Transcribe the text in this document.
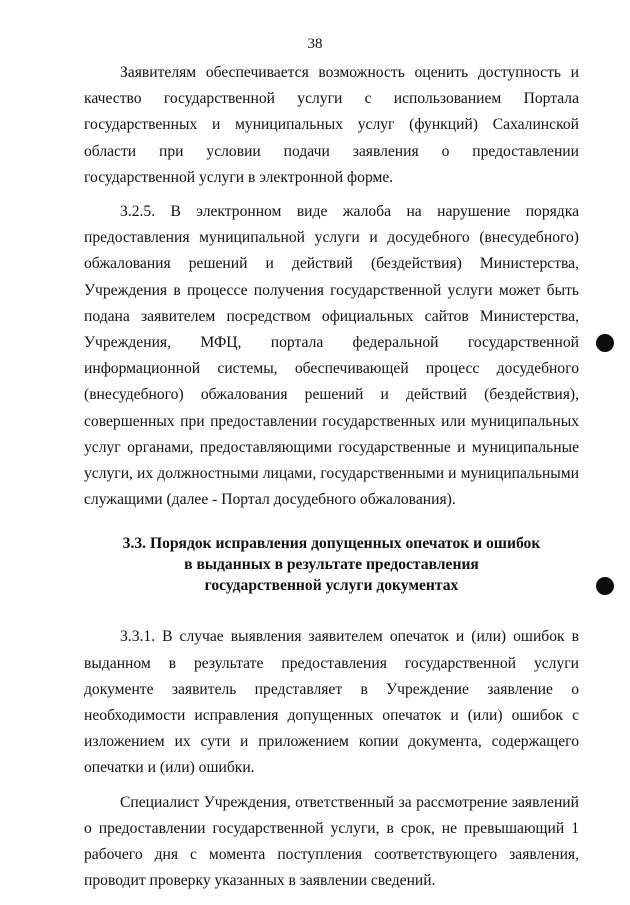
38

Заявителям обеспечивается возможность оценить доступность и качество государственной услуги с использованием Портала государственных и муниципальных услуг (функций) Сахалинской области при условии подачи заявления о предоставлении государственной услуги в электронной форме.

3.2.5. В электронном виде жалоба на нарушение порядка предоставления муниципальной услуги и досудебного (внесудебного) обжалования решений и действий (бездействия) Министерства, Учреждения в процессе получения государственной услуги может быть подана заявителем посредством официальных сайтов Министерства, Учреждения, МФЦ, портала федеральной государственной информационной системы, обеспечивающей процесс досудебного (внесудебного) обжалования решений и действий (бездействия), совершенных при предоставлении государственных или муниципальных услуг органами, предоставляющими государственные и муниципальные услуги, их должностными лицами, государственными и муниципальными служащими (далее - Портал досудебного обжалования).

3.3. Порядок исправления допущенных опечаток и ошибок
в выданных в результате предоставления
государственной услуги документах

3.3.1. В случае выявления заявителем опечаток и (или) ошибок в выданном в результате предоставления государственной услуги документе заявитель представляет в Учреждение заявление о необходимости исправления допущенных опечаток и (или) ошибок с изложением их сути и приложением копии документа, содержащего опечатки и (или) ошибки.

Специалист Учреждения, ответственный за рассмотрение заявлений о предоставлении государственной услуги, в срок, не превышающий 1 рабочего дня с момента поступления соответствующего заявления, проводит проверку указанных в заявлении сведений.
